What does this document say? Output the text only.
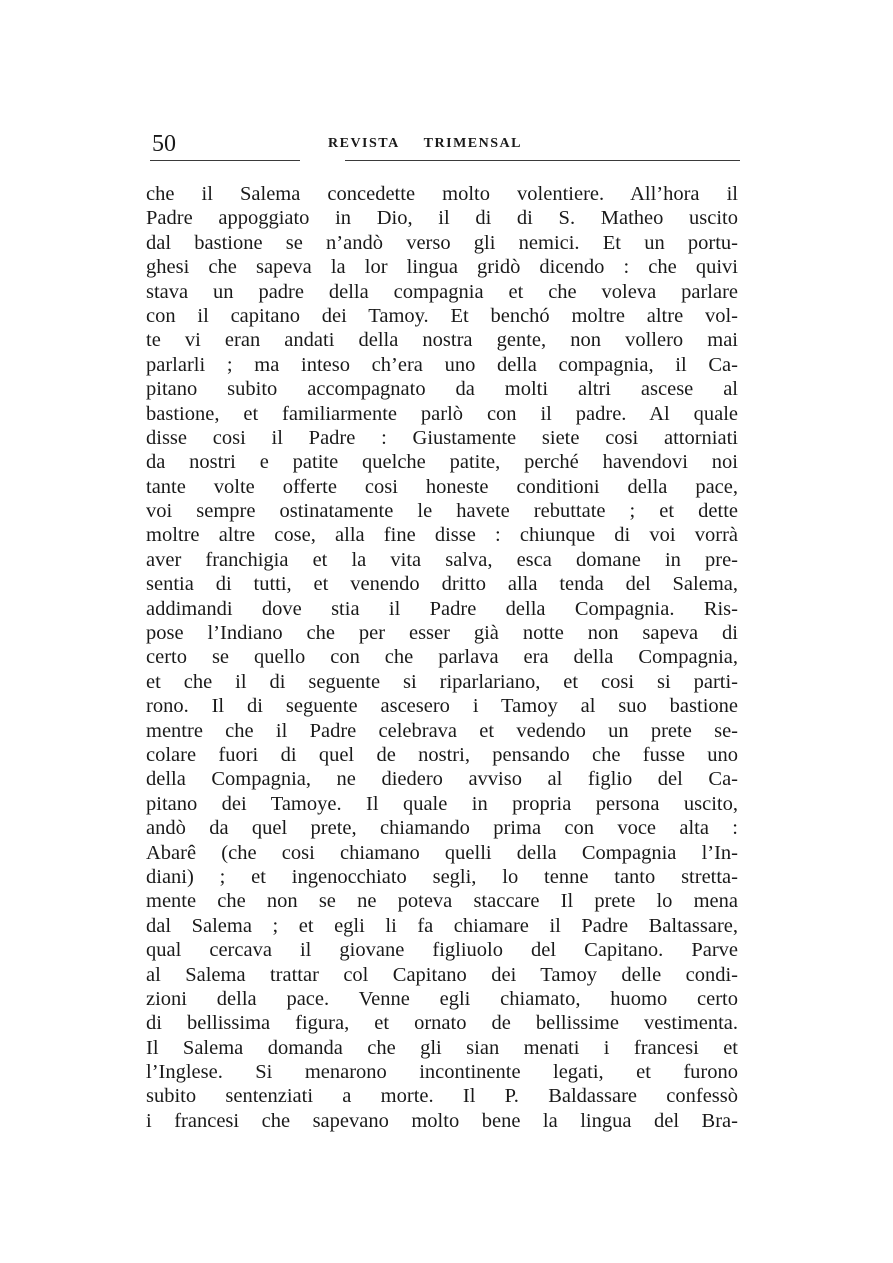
50	REVISTA TRIMENSAL
che il Salema concedette molto volentiere. All’hora il
Padre appoggiato in Dio, il di di S. Matheo uscito
dal bastione se n’andò verso gli nemici. Et un portu-
ghesi che sapeva la lor lingua gridò dicendo : che quivi
stava un padre della compagnia et che voleva parlare
con il capitano dei Tamoy. Et benchó moltre altre vol-
te vi eran andati della nostra gente, non vollero mai
parlarli ; ma inteso ch’era uno della compagnia, il Ca-
pitano subito accompagnato da molti altri ascese al
bastione, et familiarmente parlò con il padre. Al quale
disse cosi il Padre : Giustamente siete cosi attorniati
da nostri e patite quelche patite, perché havendovi noi
tante volte offerte cosi honeste conditioni della pace,
voi sempre ostinatamente le havete rebuttate ; et dette
moltre altre cose, alla fine disse : chiunque di voi vorrà
aver franchigia et la vita salva, esca domane in pre-
sentia di tutti, et venendo dritto alla tenda del Salema,
addimandi dove stia il Padre della Compagnia. Ris-
pose l’Indiano che per esser già notte non sapeva di
certo se quello con che parlava era della Compagnia,
et che il di seguente si riparlariano, et cosi si parti-
rono. Il di seguente ascesero i Tamoy al suo bastione
mentre che il Padre celebrava et vedendo un prete se-
colare fuori di quel de nostri, pensando che fusse uno
della Compagnia, ne diedero avviso al figlio del Ca-
pitano dei Tamoye. Il quale in propria persona uscito,
andò da quel prete, chiamando prima con voce alta :
Abarê (che cosi chiamano quelli della Compagnia l’In-
diani) ; et ingenocchiato segli, lo tenne tanto stretta-
mente che non se ne poteva staccare Il prete lo mena
dal Salema ; et egli li fa chiamare il Padre Baltassare,
qual cercava il giovane figliuolo del Capitano. Parve
al Salema trattar col Capitano dei Tamoy delle condi-
zioni della pace. Venne egli chiamato, huomo certo
di bellissima figura, et ornato de bellissime vestimenta.
Il Salema domanda che gli sian menati i francesi et
l’Inglese. Si menarono incontinente legati, et furono
subito sentenziati a morte. Il P. Baldassare confessò
i francesi che sapevano molto bene la lingua del Bra-
